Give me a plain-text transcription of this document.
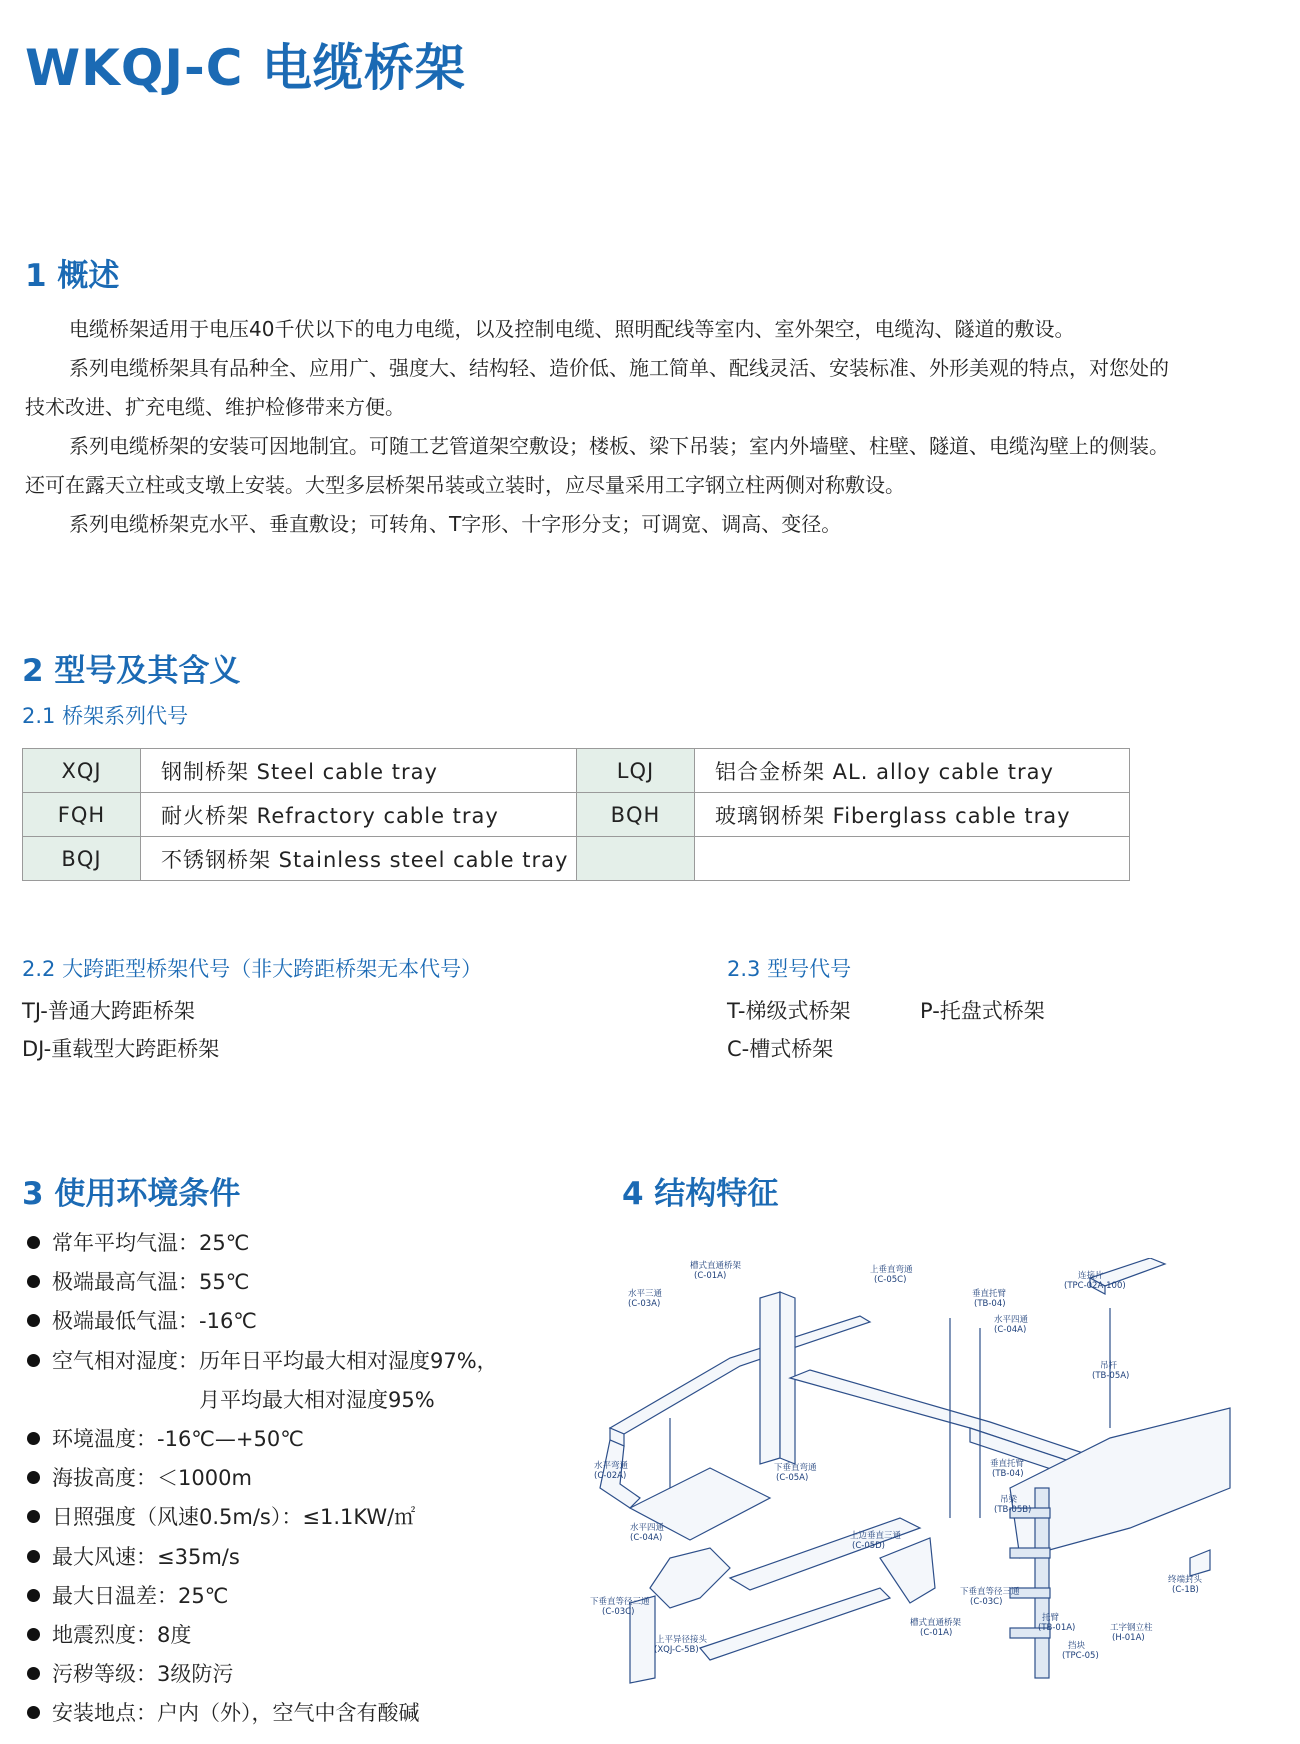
WKQJ-C 电缆桥架
1 概述

电缆桥架适用于电压40千伏以下的电力电缆，以及控制电缆、照明配线等室内、室外架空，电缆沟、隧道的敷设。

系列电缆桥架具有品种全、应用广、强度大、结构轻、造价低、施工简单、配线灵活、安装标准、外形美观的特点，对您处的技术改进、扩充电缆、维护检修带来方便。

系列电缆桥架的安装可因地制宜。可随工艺管道架空敷设；楼板、梁下吊装；室内外墙壁、柱壁、隧道、电缆沟壁上的侧装。还可在露天立柱或支墩上安装。大型多层桥架吊装或立装时，应尽量采用工字钢立柱两侧对称敷设。

系列电缆桥架克水平、垂直敷设；可转角、T字形、十字形分支；可调宽、调高、变径。

2 型号及其含义
2.1 桥架系列代号
XQJ	钢制桥架 Steel cable tray	LQJ	铝合金桥架 AL. alloy cable tray
FQH	耐火桥架 Refractory cable tray	BQH	玻璃钢桥架 Fiberglass cable tray
BQJ	不锈钢桥架 Stainless steel cable tray		
2.2 大跨距型桥架代号（非大跨距桥架无本代号）
TJ-普通大跨距桥架
DJ-重载型大跨距桥架
2.3 型号代号
T-梯级式桥架	P-托盘式桥架
C-槽式桥架
3 使用环境条件
常年平均气温：25℃
极端最高气温：55℃
极端最低气温：-16℃
空气相对湿度：历年日平均最大相对湿度97%，
月平均最大相对湿度95%
环境温度：-16℃—+50℃
海拔高度：＜1000m
日照强度（风速0.5m/s）：≤1.1KW/㎡
最大风速：≤35m/s
最大日温差：25℃
地震烈度：8度
污秽等级：3级防污
安装地点：户内（外），空气中含有酸碱
4 结构特征
槽式直通桥架
(C-01A)
水平三通
(C-03A)
上垂直弯通
(C-05C)
垂直托臂
(TB-04)
连接片
(TPC-02A-100)
水平四通
(C-04A)
吊杆
(TB-05A)
水平弯通
(C-02A)
下垂直弯通
(C-05A)
垂直托臂
(TB-04)
吊梁
(TB-05B)
水平四通
(C-04A)	上边垂直三通
(C-05D)
下垂直等径三通
(C-03C)
下垂直等径三通
(C-03C)
上平异径接头
(XQJ-C-5B)
槽式直通桥架
(C-01A)
终端封头
(C-1B)
托臂
(TB-01A)	工字钢立柱
(H-01A)
挡块
(TPC-05)
